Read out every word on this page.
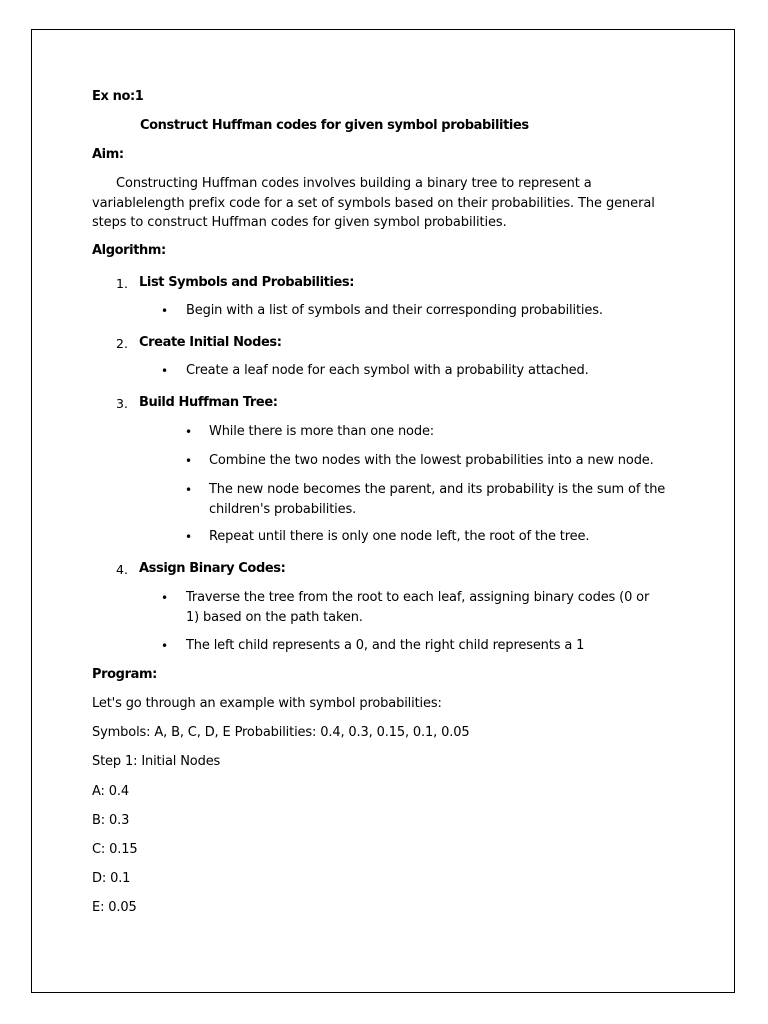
Ex no:1
Construct Huffman codes for given symbol probabilities
Aim:
Constructing Huffman codes involves building a binary tree to represent a variablelength prefix code for a set of symbols based on their probabilities. The general steps to construct Huffman codes for given symbol probabilities.
Algorithm:
1. List Symbols and Probabilities:
• Begin with a list of symbols and their corresponding probabilities.
2. Create Initial Nodes:
• Create a leaf node for each symbol with a probability attached.
3. Build Huffman Tree:
• While there is more than one node:
• Combine the two nodes with the lowest probabilities into a new node.
• The new node becomes the parent, and its probability is the sum of the children's probabilities.
• Repeat until there is only one node left, the root of the tree.
4. Assign Binary Codes:
• Traverse the tree from the root to each leaf, assigning binary codes (0 or 1) based on the path taken.
• The left child represents a 0, and the right child represents a 1
Program:
Let's go through an example with symbol probabilities:
Symbols: A, B, C, D, E Probabilities: 0.4, 0.3, 0.15, 0.1, 0.05
Step 1: Initial Nodes
A: 0.4
B: 0.3
C: 0.15
D: 0.1
E: 0.05
